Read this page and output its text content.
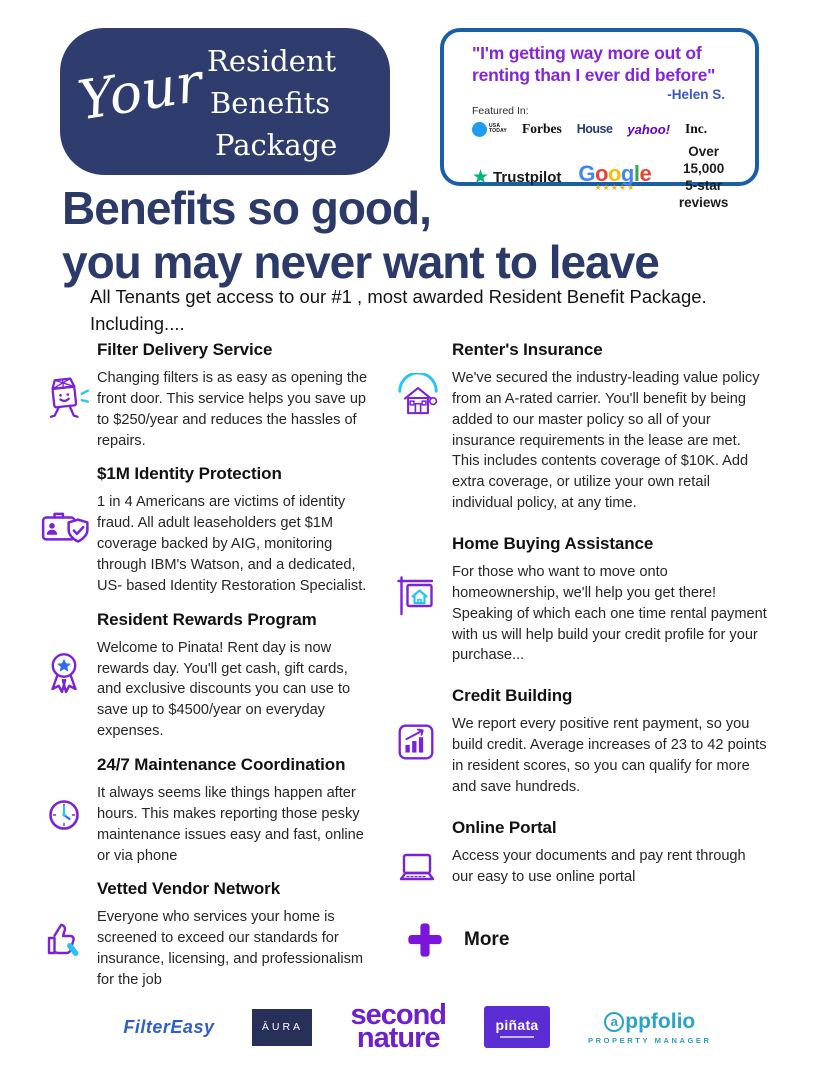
Your Resident
Benefits
Package
"I'm getting way more out of
renting than I ever did before"
-Helen S.
Featured In:
USA
TODAY Forbes House yahoo! Inc.
★ Trustpilot Google
★★★★★
Over 15,000
5-star reviews
Benefits so good,
you may never want to leave

All Tenants get access to our #1 , most awarded Resident Benefit Package. Including....

Filter Delivery Service

Changing filters is as easy as opening the front door. This service helps you save up to $250/year and reduces the hassles of repairs.

$1M Identity Protection

1 in 4 Americans are victims of identity fraud. All adult leaseholders get $1M coverage backed by AIG, monitoring through IBM's Watson, and a dedicated, US- based Identity Restoration Specialist.

Resident Rewards Program

Welcome to Pinata! Rent day is now rewards day. You'll get cash, gift cards, and exclusive discounts you can use to save up to $4500/year on everyday expenses.

24/7 Maintenance Coordination

It always seems like things happen after hours. This makes reporting those pesky maintenance issues easy and fast, online or via phone

Vetted Vendor Network

Everyone who services your home is screened to exceed our standards for insurance, licensing, and professionalism for the job

Renter's Insurance

We've secured the industry-leading value policy from an A-rated carrier. You'll benefit by being added to our master policy so all of your insurance requirements in the lease are met. This includes contents coverage of $10K. Add extra coverage, or utilize your own retail individual policy, at any time.

Home Buying Assistance

For those who want to move onto homeownership, we'll help you get there! Speaking of which each one time rental payment with us will help build your credit profile for your purchase...

Credit Building

We report every positive rent payment, so you build credit. Average increases of 23 to 42 points in resident scores, so you can qualify for more and save hundreds.

Online Portal

Access your documents and pay rent through our easy to use online portal

More
FilterEasy	ĀURA	second
nature	piñata	a ppfolio
PROPERTY MANAGER
